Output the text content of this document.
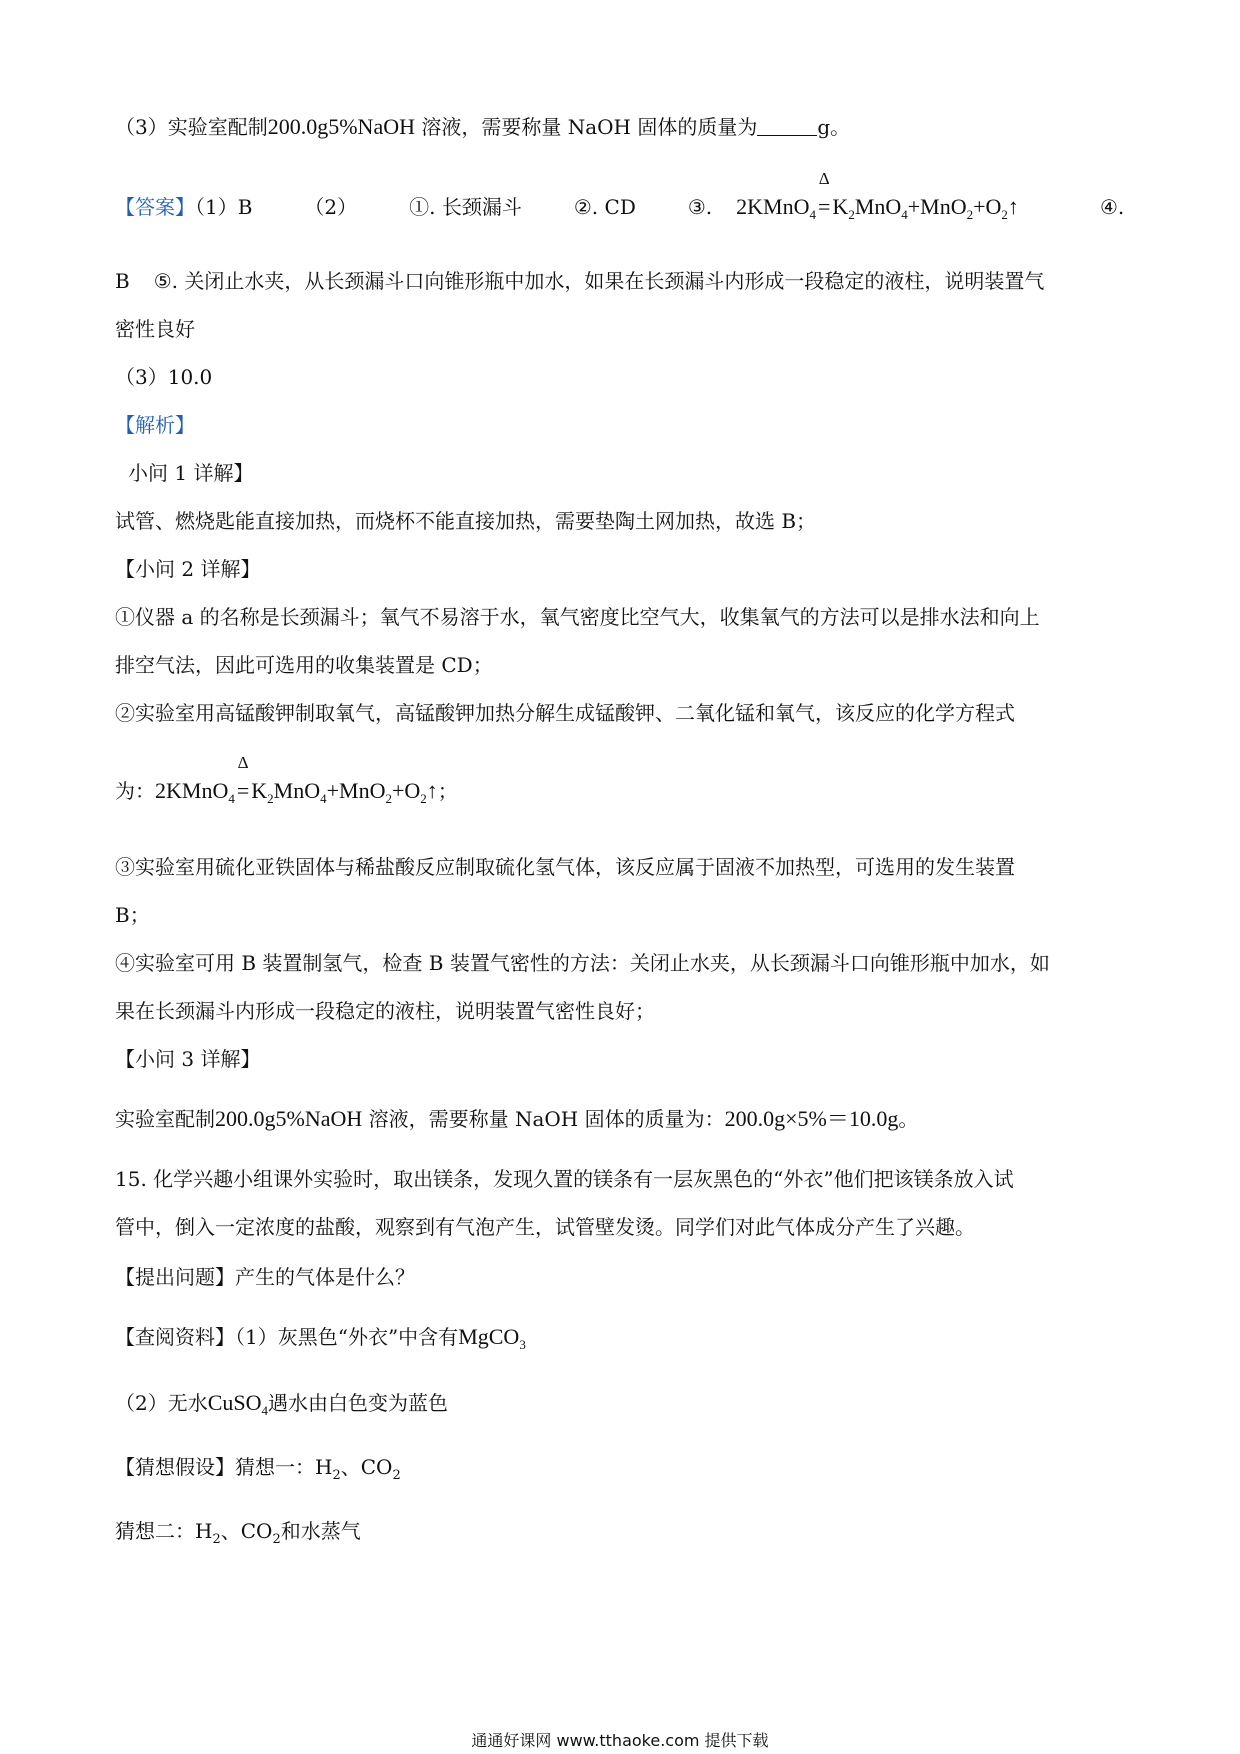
（3）实验室配制200.0g5%NaOH 溶液，需要称量 NaOH 固体的质量为	g。
【答案】（1）B	（2）	①. 长颈漏斗	②. CD	③. 2KMnO$_4$
Δ
$=K_2MnO_4+MnO_2+O_2↑$	④.
B ⑤. 关闭止水夹，从长颈漏斗口向锥形瓶中加水，如果在长颈漏斗内形成一段稳定的液柱，说明装置气
密性良好
（3）10.0
【解析】
小问 1 详解】
试管、燃烧匙能直接加热，而烧杯不能直接加热，需要垫陶土网加热，故选 B；
【小问 2 详解】
①仪器 a 的名称是长颈漏斗；氧气不易溶于水，氧气密度比空气大，收集氧气的方法可以是排水法和向上
排空气法，因此可选用的收集装置是 CD；
②实验室用高锰酸钾制取氧气，高锰酸钾加热分解生成锰酸钾、二氧化锰和氧气，该反应的化学方程式
为：2KMnO$_4$
Δ
$=K_2MnO_4+MnO_2+O_2↑$；
③实验室用硫化亚铁固体与稀盐酸反应制取硫化氢气体，该反应属于固液不加热型，可选用的发生装置
B；
④实验室可用 B 装置制氢气，检查 B 装置气密性的方法：关闭止水夹，从长颈漏斗口向锥形瓶中加水，如
果在长颈漏斗内形成一段稳定的液柱，说明装置气密性良好；
【小问 3 详解】
实验室配制200.0g5%NaOH 溶液，需要称量 NaOH 固体的质量为：200.0g×5%＝10.0g。
15. 化学兴趣小组课外实验时，取出镁条，发现久置的镁条有一层灰黑色的“外衣”他们把该镁条放入试
管中，倒入一定浓度的盐酸，观察到有气泡产生，试管壁发烫。同学们对此气体成分产生了兴趣。
【提出问题】产生的气体是什么？
【查阅资料】（1）灰黑色“外衣”中含有MgCO$_3$
（2）无水CuSO$_4$遇水由白色变为蓝色
【猜想假设】猜想一：$H_2$、$CO_2$
猜想二：$H_2$、$CO_2$和水蒸气
通通好课网 www.tthaoke.com 提供下载
